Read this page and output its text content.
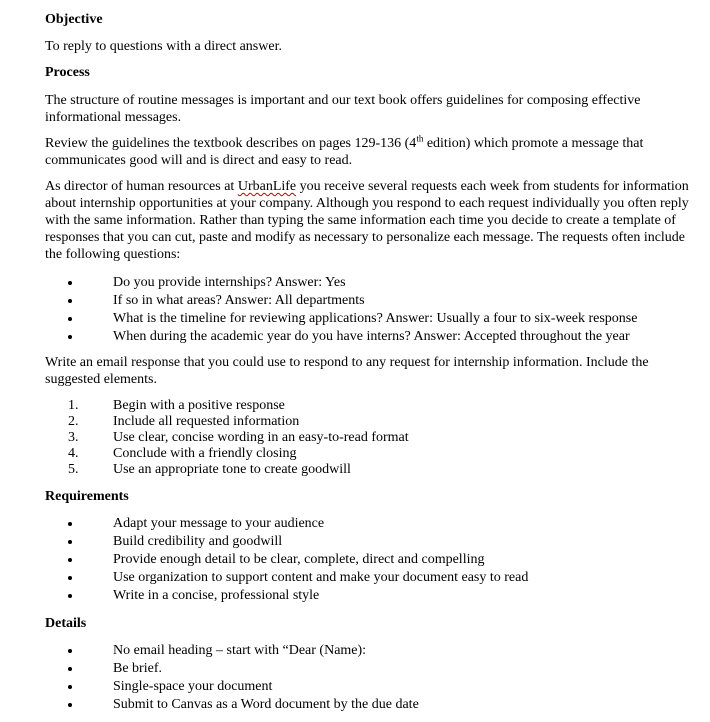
Objective

To reply to questions with a direct answer.

Process

The structure of routine messages is important and our text book offers guidelines for composing effective informational messages.

Review the guidelines the textbook describes on pages 129-136 (4th edition) which promote a message that communicates good will and is direct and easy to read.

As director of human resources at UrbanLife you receive several requests each week from students for information about internship opportunities at your company. Although you respond to each request individually you often reply with the same information. Rather than typing the same information each time you decide to create a template of responses that you can cut, paste and modify as necessary to personalize each message. The requests often include the following questions:

Do you provide internships? Answer: Yes
If so in what areas? Answer: All departments
What is the timeline for reviewing applications? Answer: Usually a four to six-week response
When during the academic year do you have interns? Answer: Accepted throughout the year

Write an email response that you could use to respond to any request for internship information. Include the suggested elements.

1.	Begin with a positive response
2.	Include all requested information
3.	Use clear, concise wording in an easy-to-read format
4.	Conclude with a friendly closing
5.	Use an appropriate tone to create goodwill

Requirements

Adapt your message to your audience
Build credibility and goodwill
Provide enough detail to be clear, complete, direct and compelling
Use organization to support content and make your document easy to read
Write in a concise, professional style

Details

No email heading – start with “Dear (Name):
Be brief.
Single-space your document
Submit to Canvas as a Word document by the due date
